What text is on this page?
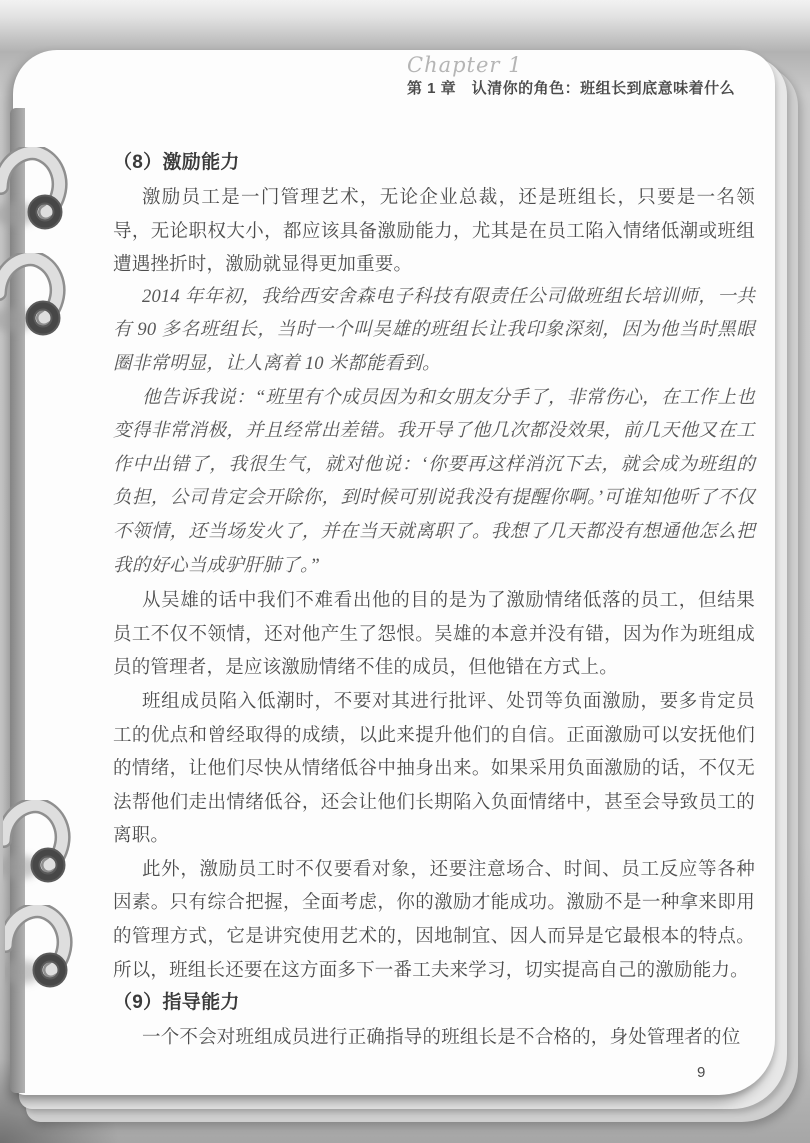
Chapter 1
第 1 章　认清你的角色：班组长到底意味着什么
（8）激励能力

激励员工是一门管理艺术，无论企业总裁，还是班组长，只要是一名领导，无论职权大小，都应该具备激励能力，尤其是在员工陷入情绪低潮或班组遭遇挫折时，激励就显得更加重要。

2014 年年初，我给西安舍森电子科技有限责任公司做班组长培训师，一共有 90 多名班组长，当时一个叫吴雄的班组长让我印象深刻，因为他当时黑眼圈非常明显，让人离着 10 米都能看到。

他告诉我说：“班里有个成员因为和女朋友分手了，非常伤心，在工作上也变得非常消极，并且经常出差错。我开导了他几次都没效果，前几天他又在工作中出错了，我很生气，就对他说：‘你要再这样消沉下去，就会成为班组的负担，公司肯定会开除你，到时候可别说我没有提醒你啊。’可谁知他听了不仅不领情，还当场发火了，并在当天就离职了。我想了几天都没有想通他怎么把我的好心当成驴肝肺了。”

从吴雄的话中我们不难看出他的目的是为了激励情绪低落的员工，但结果员工不仅不领情，还对他产生了怨恨。吴雄的本意并没有错，因为作为班组成员的管理者，是应该激励情绪不佳的成员，但他错在方式上。

班组成员陷入低潮时，不要对其进行批评、处罚等负面激励，要多肯定员工的优点和曾经取得的成绩，以此来提升他们的自信。正面激励可以安抚他们的情绪，让他们尽快从情绪低谷中抽身出来。如果采用负面激励的话，不仅无法帮他们走出情绪低谷，还会让他们长期陷入负面情绪中，甚至会导致员工的离职。

此外，激励员工时不仅要看对象，还要注意场合、时间、员工反应等各种因素。只有综合把握，全面考虑，你的激励才能成功。激励不是一种拿来即用的管理方式，它是讲究使用艺术的，因地制宜、因人而异是它最根本的特点。所以，班组长还要在这方面多下一番工夫来学习，切实提高自己的激励能力。

（9）指导能力

一个不会对班组成员进行正确指导的班组长是不合格的，身处管理者的位

9
